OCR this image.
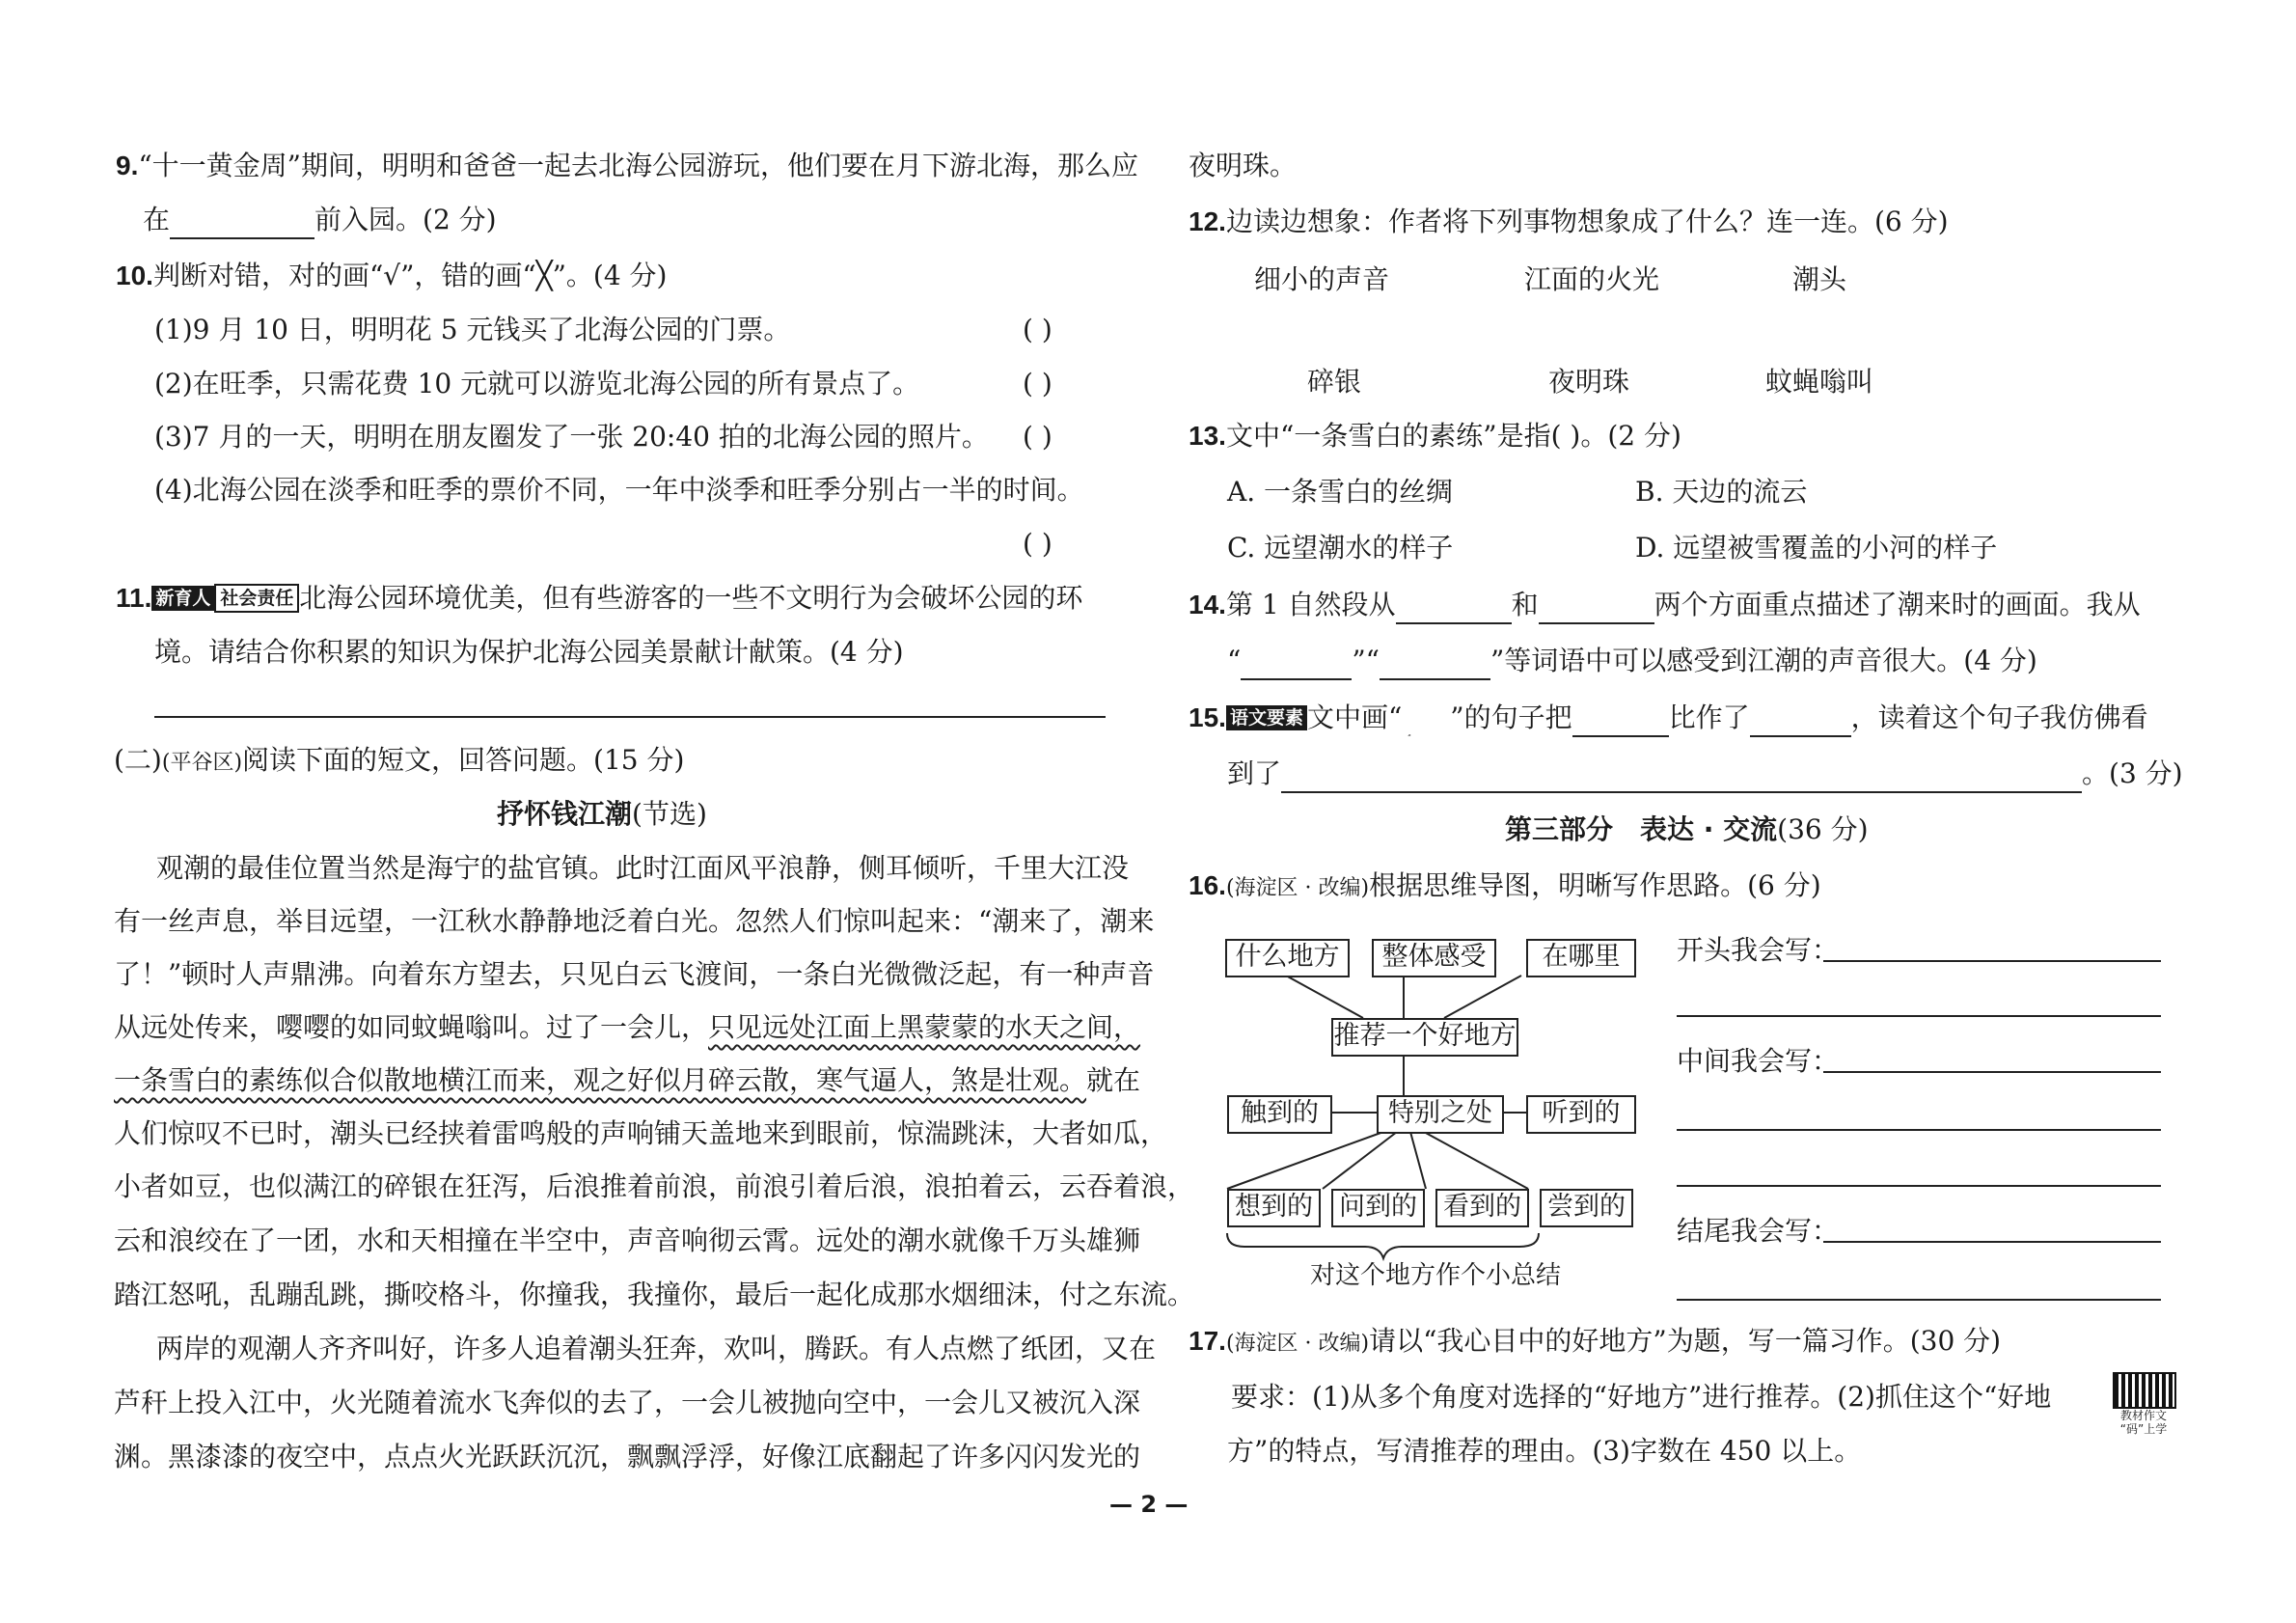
9.“十一黄金周”期间，明明和爸爸一起去北海公园游玩，他们要在月下游北海，那么应
在	前入园。(2 分)
10.判断对错，对的画“√”，错的画“╳”。(4 分)
(1)9 月 10 日，明明花 5 元钱买了北海公园的门票。	( )
(2)在旺季，只需花费 10 元就可以游览北海公园的所有景点了。	( )
(3)7 月的一天，明明在朋友圈发了一张 20:40 拍的北海公园的照片。 ( )
(4)北海公园在淡季和旺季的票价不同，一年中淡季和旺季分别占一半的时间。
( )
11. 新育人 社会责任 北海公园环境优美，但有些游客的一些不文明行为会破坏公园的环
境。请结合你积累的知识为保护北海公园美景献计献策。(4 分)
(二)(平谷区)阅读下面的短文，回答问题。(15 分)
抒怀钱江潮(节选)
观潮的最佳位置当然是海宁的盐官镇。此时江面风平浪静，侧耳倾听，千里大江没
有一丝声息，举目远望，一江秋水静静地泛着白光。忽然人们惊叫起来：“潮来了，潮来
了！”顿时人声鼎沸。向着东方望去，只见白云飞渡间，一条白光微微泛起，有一种声音
从远处传来，嘤嘤的如同蚊蝇嗡叫。过了一会儿，只见远处江面上黑蒙蒙的水天之间，
一条雪白的素练似合似散地横江而来，观之好似月碎云散，寒气逼人，煞是壮观。就在
人们惊叹不已时，潮头已经挟着雷鸣般的声响铺天盖地来到眼前，惊湍跳沫，大者如瓜，
小者如豆，也似满江的碎银在狂泻，后浪推着前浪，前浪引着后浪，浪拍着云，云吞着浪，
云和浪绞在了一团，水和天相撞在半空中，声音响彻云霄。远处的潮水就像千万头雄狮
踏江怒吼，乱蹦乱跳，撕咬格斗，你撞我，我撞你，最后一起化成那水烟细沫，付之东流。
两岸的观潮人齐齐叫好，许多人追着潮头狂奔，欢叫，腾跃。有人点燃了纸团，又在
芦秆上投入江中，火光随着流水飞奔似的去了，一会儿被抛向空中，一会儿又被沉入深
渊。黑漆漆的夜空中，点点火光跃跃沉沉，飘飘浮浮，好像江底翻起了许多闪闪发光的
— 2 —
夜明珠。
12.边读边想象：作者将下列事物想象成了什么？连一连。(6 分)
细小的声音	江面的火光	潮头
碎银	夜明珠	蚊蝇嗡叫
13.文中“一条雪白的素练”是指( )。(2 分)
A. 一条雪白的丝绸	B. 天边的流云
C. 远望潮水的样子	D. 远望被雪覆盖的小河的样子
14.第 1 自然段从	和	两个方面重点描述了潮来时的画面。我从
“	”“	”等词语中可以感受到江潮的声音很大。(4 分)
15. 语文要素 文中画“ ”的句子把	比作了	，读着这个句子我仿佛看
到了	。(3 分)
第三部分　表达 · 交流(36 分)
16.(海淀区 · 改编)根据思维导图，明晰写作思路。(6 分)
什么地方	整体感受	在哪里
推荐一个好地方
触到的	特别之处	听到的
想到的 问到的 看到的 尝到的
对这个地方作个小总结
开头我会写：
中间我会写：
结尾我会写：
17.(海淀区 · 改编)请以“我心目中的好地方”为题，写一篇习作。(30 分)
要求：(1)从多个角度对选择的“好地方”进行推荐。(2)抓住这个“好地
方”的特点，写清推荐的理由。(3)字数在 450 以上。
教材作文 “码”上学
